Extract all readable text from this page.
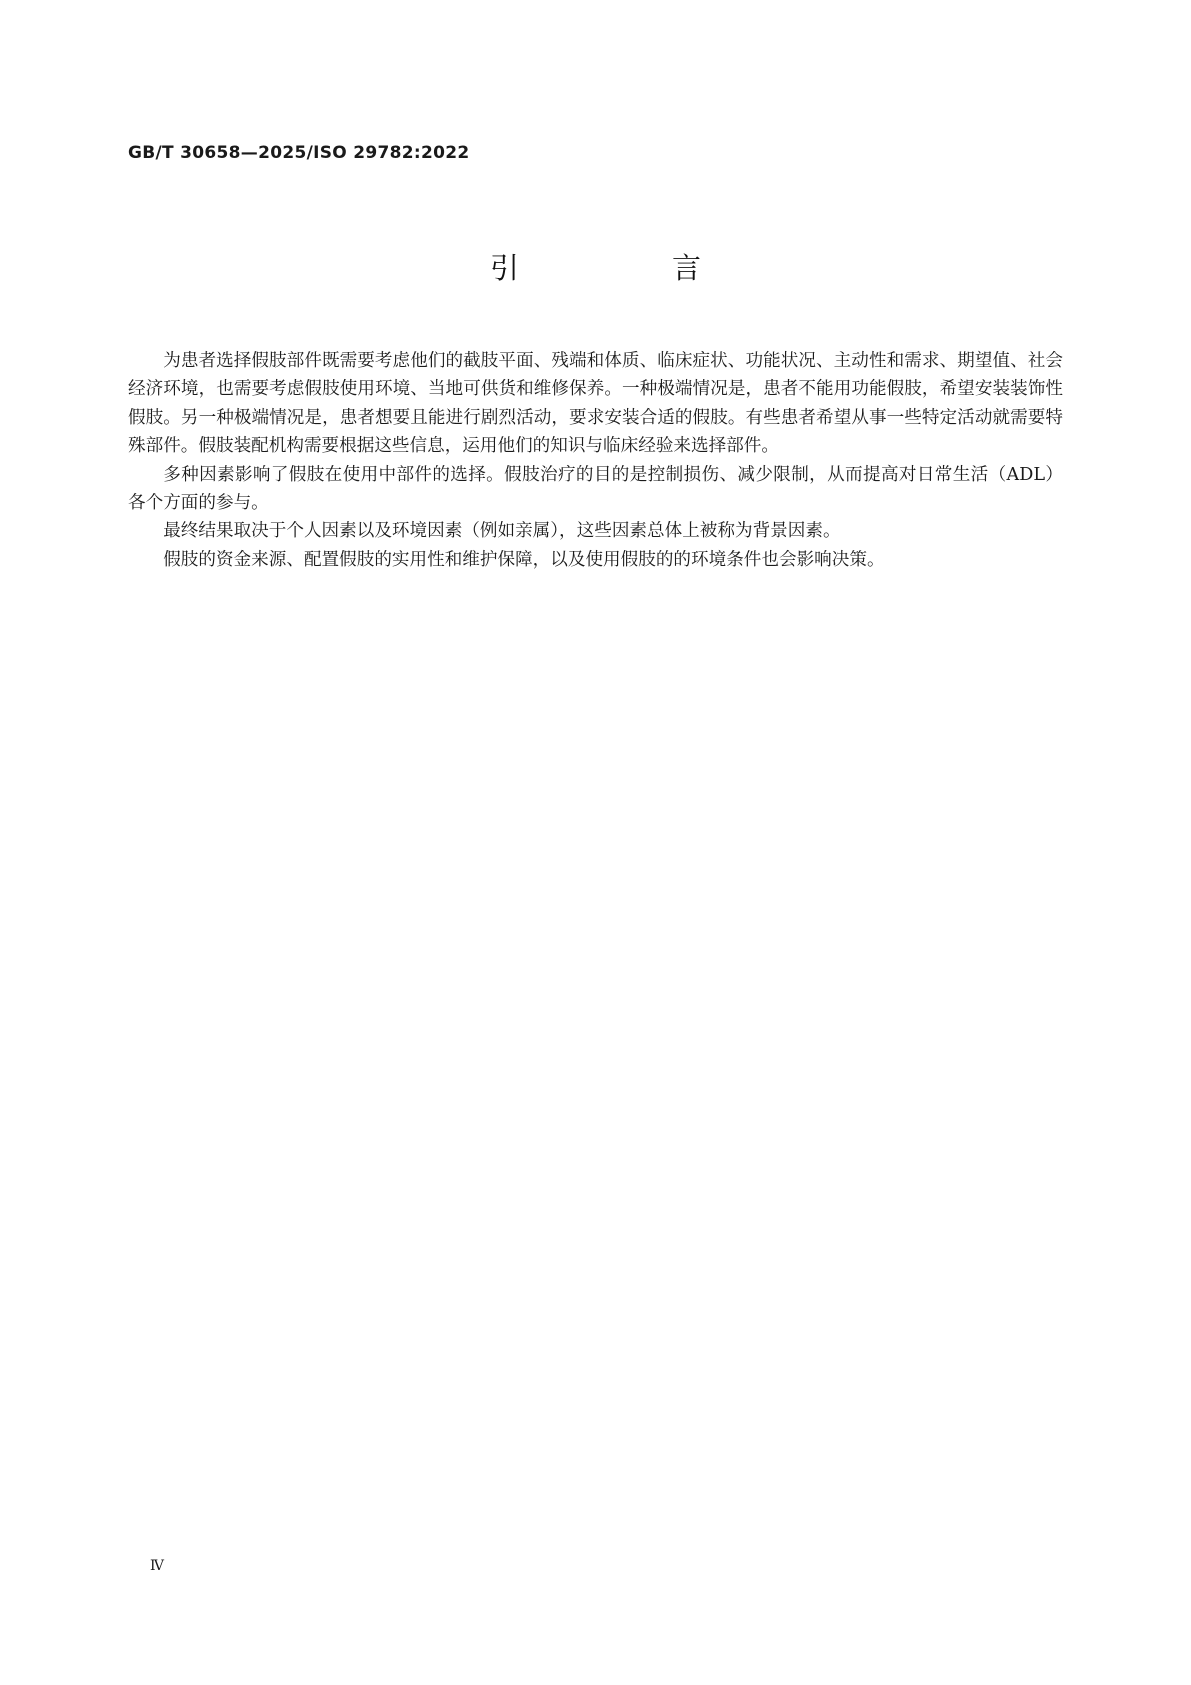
GB/T 30658—2025/ISO 29782:2022
引　言

为患者选择假肢部件既需要考虑他们的截肢平面、残端和体质、临床症状、功能状况、主动性和需求、期望值、社会经济环境，也需要考虑假肢使用环境、当地可供货和维修保养。一种极端情况是，患者不能用功能假肢，希望安装装饰性假肢。另一种极端情况是，患者想要且能进行剧烈活动，要求安装合适的假肢。有些患者希望从事一些特定活动就需要特殊部件。假肢装配机构需要根据这些信息，运用他们的知识与临床经验来选择部件。

多种因素影响了假肢在使用中部件的选择。假肢治疗的目的是控制损伤、减少限制，从而提高对日常生活（ADL）各个方面的参与。

最终结果取决于个人因素以及环境因素（例如亲属），这些因素总体上被称为背景因素。

假肢的资金来源、配置假肢的实用性和维护保障，以及使用假肢的的环境条件也会影响决策。

Ⅳ
